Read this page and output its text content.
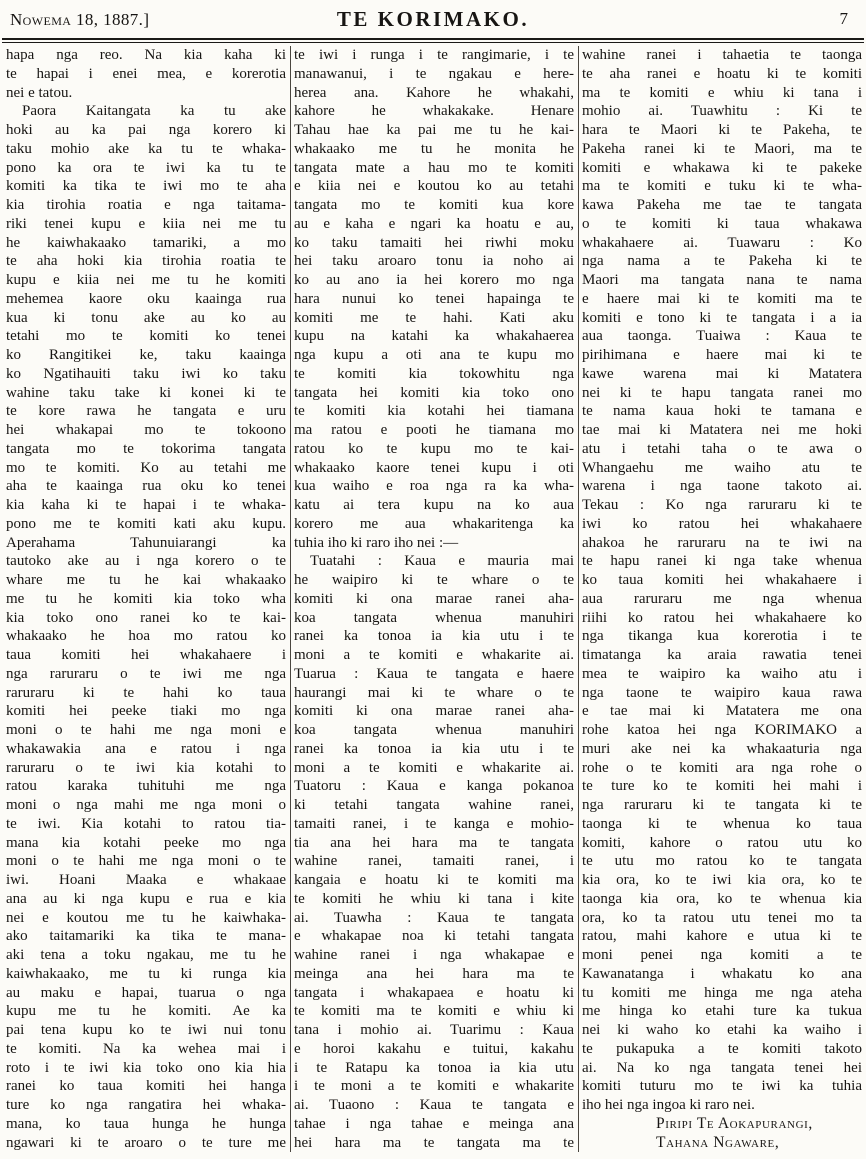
Nowema 18, 1887.]	TE KORIMAKO.	7
hapa nga reo. Na kia kaha ki
te hapai i enei mea, e korerotia
nei e tatou.
Paora Kaitangata ka tu ake
hoki au ka pai nga korero ki
taku mohio ake ka tu te whaka-
pono ka ora te iwi ka tu te
komiti ka tika te iwi mo te aha
kia tirohia roatia e nga taitama-
riki tenei kupu e kiia nei me tu
he kaiwhakaako tamariki, a mo
te aha hoki kia tirohia roatia te
kupu e kiia nei me tu he komiti
mehemea kaore oku kaainga rua
kua ki tonu ake au ko au
tetahi mo te komiti ko tenei
ko Rangitikei ke, taku kaainga
ko Ngatihauiti taku iwi ko taku
wahine taku take ki konei ki te
te kore rawa he tangata e uru
hei whakapai mo te tokoono
tangata mo te tokorima tangata
mo te komiti. Ko au tetahi me
aha te kaainga rua oku ko tenei
kia kaha ki te hapai i te whaka-
pono me te komiti kati aku kupu.
Aperahama Tahunuiarangi ka
tautoko ake au i nga korero o te
whare me tu he kai whakaako
me tu he komiti kia toko wha
kia toko ono ranei ko te kai-
whakaako he hoa mo ratou ko
taua komiti hei whakahaere i
nga raruraru o te iwi me nga
raruraru ki te hahi ko taua
komiti hei peeke tiaki mo nga
moni o te hahi me nga moni e
whakawakia ana e ratou i nga
raruraru o te iwi kia kotahi to
ratou karaka tuhituhi me nga
moni o nga mahi me nga moni o
te iwi. Kia kotahi to ratou tia-
mana kia kotahi peeke mo nga
moni o te hahi me nga moni o te
iwi. Hoani Maaka e whakaae
ana au ki nga kupu e rua e kia
nei e koutou me tu he kaiwhaka-
ako taitamariki ka tika te mana-
aki tena a toku ngakau, me tu he
kaiwhakaako, me tu ki runga kia
au maku e hapai, tuarua o nga
kupu me tu he komiti. Ae ka
pai tena kupu ko te iwi nui tonu
te komiti. Na ka wehea mai i
roto i te iwi kia toko ono kia hia
ranei ko taua komiti hei hanga
ture ko nga rangatira hei whaka-
mana, ko taua hunga he hunga
ngawari ki te aroaro o te ture me
te iwi i runga i te rangimarie, i te
manawanui, i te ngakau e here-
herea ana. Kahore he whakahi,
kahore he whakakake. Henare
Tahau hae ka pai me tu he kai-
whakaako me tu he monita he
tangata mate a hau mo te komiti
e kiia nei e koutou ko au tetahi
tangata mo te komiti kua kore
au e kaha e ngari ka hoatu e au,
ko taku tamaiti hei riwhi moku
hei taku aroaro tonu ia noho ai
ko au ano ia hei korero mo nga
hara nunui ko tenei hapainga te
komiti me te hahi. Kati aku
kupu na katahi ka whakahaerea
nga kupu a oti ana te kupu mo
te komiti kia tokowhitu nga
tangata hei komiti kia toko ono
te komiti kia kotahi hei tiamana
ma ratou e pooti he tiamana mo
ratou ko te kupu mo te kai-
whakaako kaore tenei kupu i oti
kua waiho e roa nga ra ka wha-
katu ai tera kupu na ko aua
korero me aua whakaritenga ka
tuhia iho ki raro iho nei :—
Tuatahi : Kaua e mauria mai
he waipiro ki te whare o te
komiti ki ona marae ranei aha-
koa tangata whenua manuhiri
ranei ka tonoa ia kia utu i te
moni a te komiti e whakarite ai.
Tuarua : Kaua te tangata e haere
haurangi mai ki te whare o te
komiti ki ona marae ranei aha-
koa tangata whenua manuhiri
ranei ka tonoa ia kia utu i te
moni a te komiti e whakarite ai.
Tuatoru : Kaua e kanga pokanoa
ki tetahi tangata wahine ranei,
tamaiti ranei, i te kanga e mohio-
tia ana hei hara ma te tangata
wahine ranei, tamaiti ranei, i
kangaia e hoatu ki te komiti ma
te komiti he whiu ki tana i kite
ai. Tuawha : Kaua te tangata
e whakapae noa ki tetahi tangata
wahine ranei i nga whakapae e
meinga ana hei hara ma te
tangata i whakapaea e hoatu ki
te komiti ma te komiti e whiu ki
tana i mohio ai. Tuarimu : Kaua
e horoi kakahu e tuitui, kakahu
i te Ratapu ka tonoa ia kia utu
i te moni a te komiti e whakarite
ai. Tuaono : Kaua te tangata e
tahae i nga tahae e meinga ana
hei hara ma te tangata ma te
wahine ranei i tahaetia te taonga
te aha ranei e hoatu ki te komiti
ma te komiti e whiu ki tana i
mohio ai. Tuawhitu : Ki te
hara te Maori ki te Pakeha, te
Pakeha ranei ki te Maori, ma te
komiti e whakawa ki te pakeke
ma te komiti e tuku ki te wha-
kawa Pakeha me tae te tangata
o te komiti ki taua whakawa
whakahaere ai. Tuawaru : Ko
nga nama a te Pakeha ki te
Maori ma tangata nana te nama
e haere mai ki te komiti ma te
komiti e tono ki te tangata i a ia
aua taonga. Tuaiwa : Kaua te
pirihimana e haere mai ki te
kawe warena mai ki Matatera
nei ki te hapu tangata ranei mo
te nama kaua hoki te tamana e
tae mai ki Matatera nei me hoki
atu i tetahi taha o te awa o
Whangaehu me waiho atu te
warena i nga taone takoto ai.
Tekau : Ko nga raruraru ki te
iwi ko ratou hei whakahaere
ahakoa he raruraru na te iwi na
te hapu ranei ki nga take whenua
ko taua komiti hei whakahaere i
aua raruraru me nga whenua
riihi ko ratou hei whakahaere ko
nga tikanga kua korerotia i te
timatanga ka araia rawatia tenei
mea te waipiro ka waiho atu i
nga taone te waipiro kaua rawa
e tae mai ki Matatera me ona
rohe katoa hei nga KORIMAKO a
muri ake nei ka whakaaturia nga
rohe o te komiti ara nga rohe o
te ture ko te komiti hei mahi i
nga raruraru ki te tangata ki te
taonga ki te whenua ko taua
komiti, kahore o ratou utu ko
te utu mo ratou ko te tangata
kia ora, ko te iwi kia ora, ko te
taonga kia ora, ko te whenua kia
ora, ko ta ratou utu tenei mo ta
ratou, mahi kahore e utua ki te
moni penei nga komiti a te
Kawanatanga i whakatu ko ana
tu komiti me hinga me nga ateha
me hinga ko etahi ture ka tukua
nei ki waho ko etahi ka waiho i
te pukapuka a te komiti takoto
ai. Na ko nga tangata tenei hei
komiti tuturu mo te iwi ka tuhia
iho hei nga ingoa ki raro nei.
Piripi Te Aokapurangi,
Tahana Ngaware,
